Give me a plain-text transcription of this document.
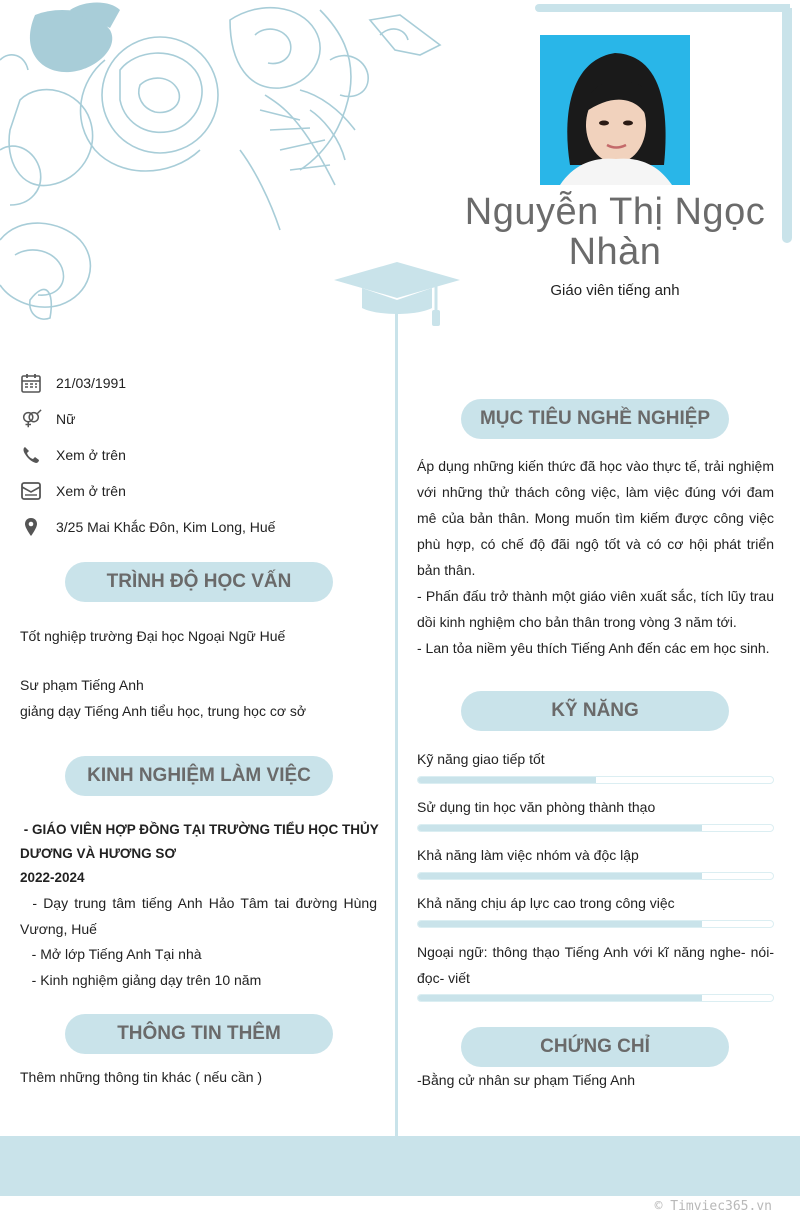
Nguyễn Thị Ngọc Nhàn
Giáo viên tiếng anh
21/03/1991
Nữ
Xem ở trên
Xem ở trên
3/25 Mai Khắc Đôn, Kim Long, Huế
TRÌNH ĐỘ HỌC VẤN
Tốt nghiệp trường Đại học Ngoại Ngữ Huế
Sư phạm Tiếng Anh
giảng dạy Tiếng Anh tiểu học, trung học cơ sở
KINH NGHIỆM LÀM VIỆC
- GIÁO VIÊN HỢP ĐỒNG TẠI TRƯỜNG TIỂU HỌC THỦY
DƯƠNG VÀ HƯƠNG SƠ
2022-2024
- Dạy trung tâm tiếng Anh Hảo Tâm tai đường Hùng Vương, Huế
- Mở lớp Tiếng Anh Tại nhà
- Kinh nghiệm giảng dạy trên 10 năm
THÔNG TIN THÊM
Thêm những thông tin khác ( nếu cần )
MỤC TIÊU NGHỀ NGHIỆP

Áp dụng những kiến thức đã học vào thực tế, trải nghiệm với những thử thách công việc, làm việc đúng với đam mê của bản thân. Mong muốn tìm kiếm được công việc phù hợp, có chế độ đãi ngộ tốt và có cơ hội phát triển bản thân.

- Phấn đấu trở thành một giáo viên xuất sắc, tích lũy trau dồi kinh nghiệm cho bản thân trong vòng 3 năm tới.

- Lan tỏa niềm yêu thích Tiếng Anh đến các em học sinh.

KỸ NĂNG
Kỹ năng giao tiếp tốt
Sử dụng tin học văn phòng thành thạo
Khả năng làm việc nhóm và độc lập
Khả năng chịu áp lực cao trong công việc
Ngoại ngữ: thông thạo Tiếng Anh với kĩ năng nghe- nói- đọc- viết
CHỨNG CHỈ
-Bằng cử nhân sư phạm Tiếng Anh
© Timviec365.vn
